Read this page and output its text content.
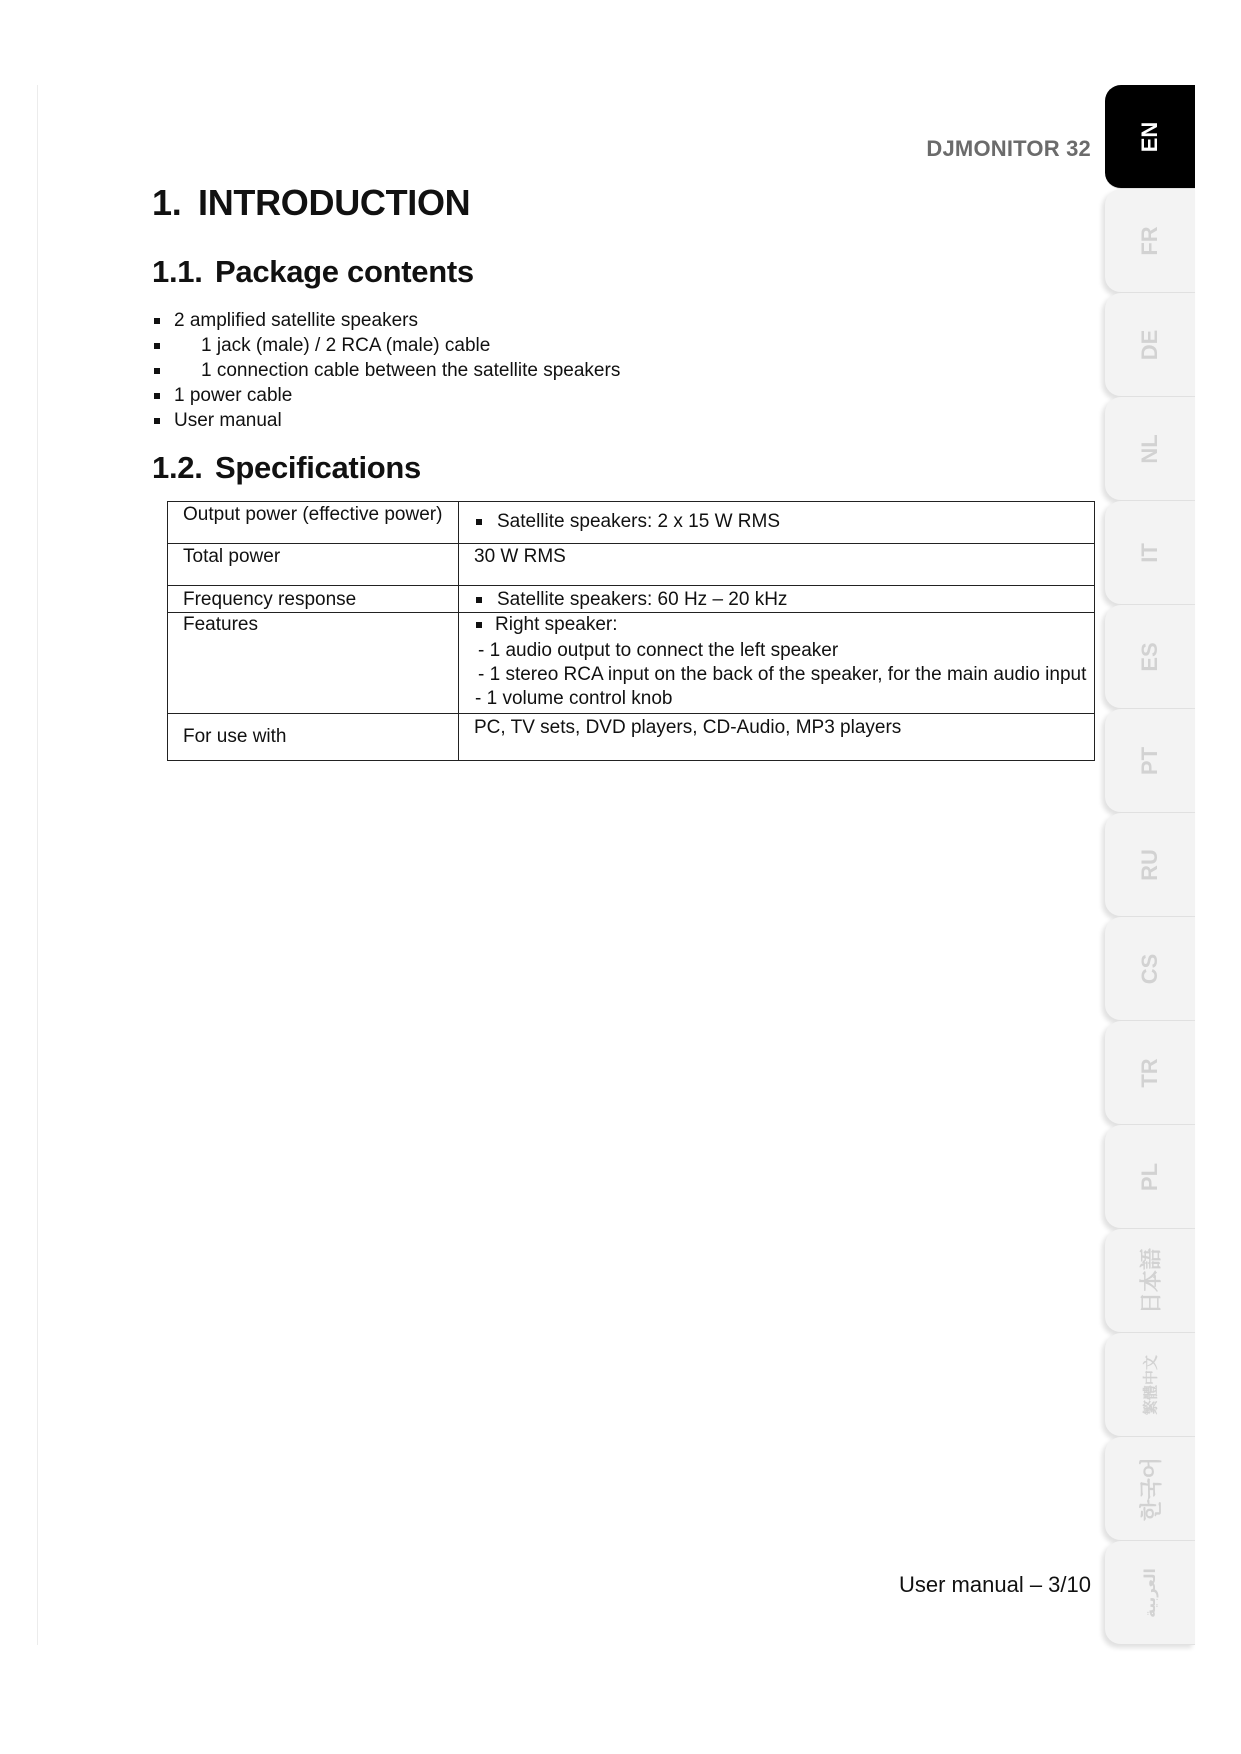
DJMONITOR 32
1. INTRODUCTION
1.1. Package contents
2 amplified satellite speakers
1 jack (male) / 2 RCA (male) cable
1 connection cable between the satellite speakers
1 power cable
User manual
1.2. Specifications
Output power (effective power)	Satellite speakers: 2 x 15 W RMS

Total power	30 W RMS

Frequency response	Satellite speakers: 60 Hz – 20 kHz

Features	Right speaker:
- 1 audio output to connect the left speaker
- 1 stereo RCA input on the back of the speaker, for the main audio input
- 1 volume control knob

For use with	PC, TV sets, DVD players, CD-Audio, MP3 players
User manual – 3/10
EN
FR
DE
NL
IT
ES
PT
RU
CS
TR
PL
日本語
繁體中文
한국어
العربية
